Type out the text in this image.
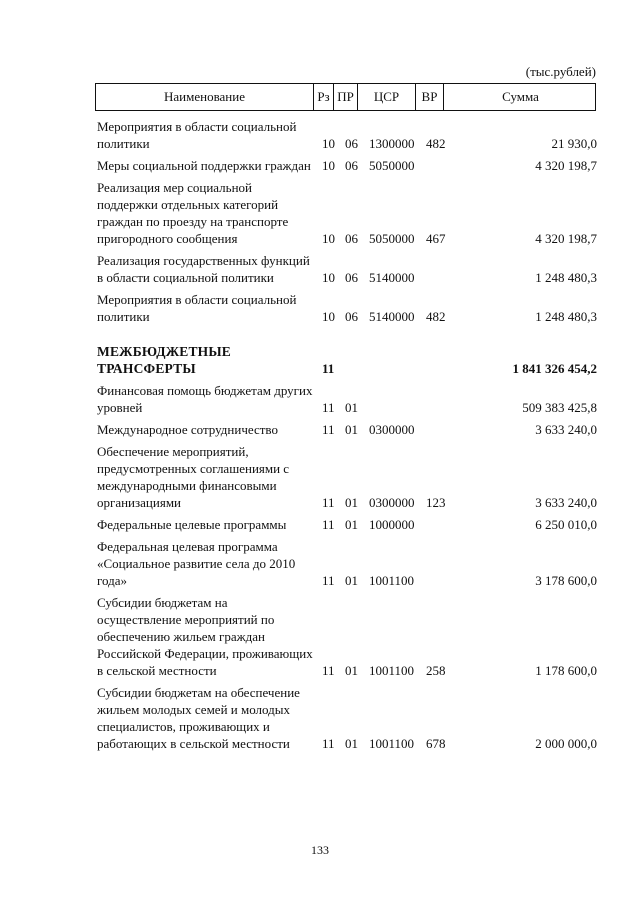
(тыс.рублей)
Наименование	Рз ПР	ЦСР	ВР	Сумма
Мероприятия в области социальной политики	10 06 1300000 482	21 930,0
Меры социальной поддержки граждан 10 06 5050000	4 320 198,7
Реализация мер социальной поддержки отдельных категорий граждан по проезду на транспорте пригородного сообщения	10 06 5050000 467	4 320 198,7
Реализация государственных функций в области социальной политики	10 06 5140000	1 248 480,3
Мероприятия в области социальной политики	10 06 5140000 482	1 248 480,3
МЕЖБЮДЖЕТНЫЕ ТРАНСФЕРТЫ	11	1 841 326 454,2
Финансовая помощь бюджетам других уровней	11 01	509 383 425,8
Международное сотрудничество	11 01 0300000	3 633 240,0
Обеспечение мероприятий, предусмотренных соглашениями с международными финансовыми организациями	11 01 0300000 123	3 633 240,0
Федеральные целевые программы	11 01 1000000	6 250 010,0
Федеральная целевая программа «Социальное развитие села до 2010 года»	11 01 1001100	3 178 600,0
Субсидии бюджетам на осуществление мероприятий по обеспечению жильем граждан Российской Федерации, проживающих в сельской местности	11 01 1001100 258	1 178 600,0
Субсидии бюджетам на обеспечение жильем молодых семей и молодых специалистов, проживающих и работающих в сельской местности	11 01 1001100 678	2 000 000,0
133
